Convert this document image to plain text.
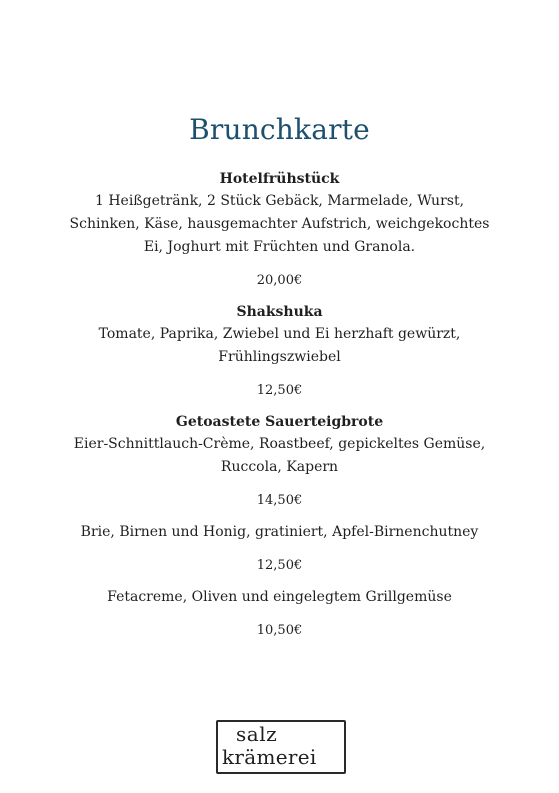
Brunchkarte

Hotelfrühstück

1 Heißgetränk, 2 Stück Gebäck, Marmelade, Wurst, Schinken, Käse, hausgemachter Aufstrich, weichgekochtes Ei, Joghurt mit Früchten und Granola.

20,00€

Shakshuka

Tomate, Paprika, Zwiebel und Ei herzhaft gewürzt, Frühlingszwiebel

12,50€

Getoastete Sauerteigbrote

Eier-Schnittlauch-Crème, Roastbeef, gepickeltes Gemüse, Ruccola, Kapern

14,50€

Brie, Birnen und Honig, gratiniert, Apfel-Birnenchutney

12,50€

Fetacreme, Oliven und eingelegtem Grillgemüse

10,50€

salz
krämerei
